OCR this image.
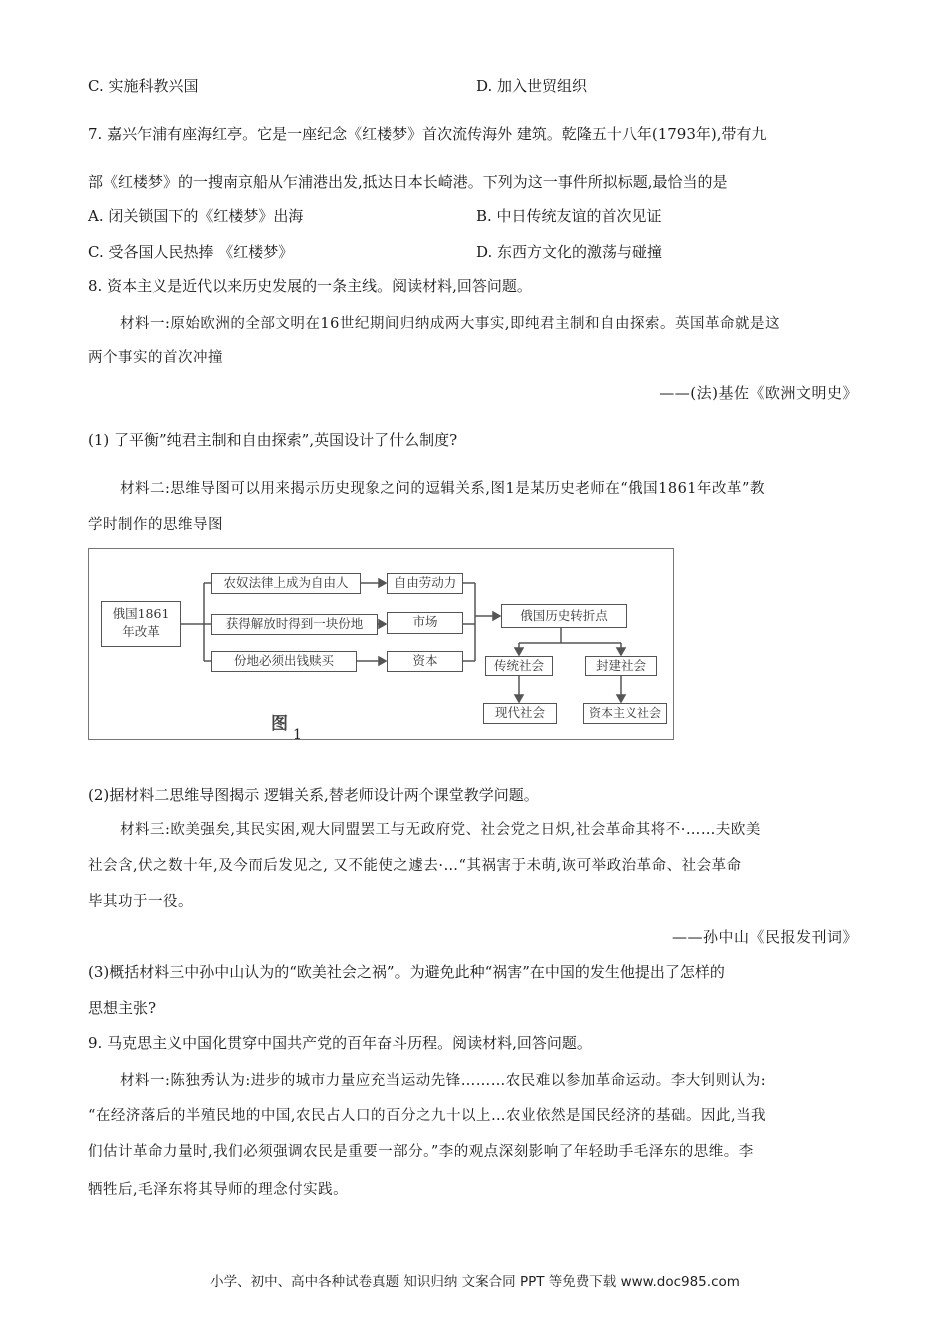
C. 实施科教兴国	D. 加入世贸组织
7. 嘉兴乍浦有座海红亭。它是一座纪念《红楼梦》首次流传海外 建筑。乾隆五十八年(1793年),带有九
部《红楼梦》的一搜南京船从乍浦港出发,抵达日本长崎港。下列为这一事件所拟标题,最恰当的是
A. 闭关锁国下的《红楼梦》出海	B. 中日传统友谊的首次见证
C. 受各国人民热捧 《红楼梦》	D. 东西方文化的激荡与碰撞
8. 资本主义是近代以来历史发展的一条主线。阅读材料,回答问题。
材料一:原始欧洲的全部文明在16世纪期间归纳成两大事实,即纯君主制和自由探索。英国革命就是这
两个事实的首次冲撞
——(法)基佐《欧洲文明史》
(1) 了平衡”纯君主制和自由探索”,英国设计了什么制度?
材料二:思维导图可以用来揭示历史现象之问的逗辑关系,图1是某历史老师在“俄国1861年改革”教
学时制作的思维导图
俄国1861
年改革
农奴法律上成为自由人
获得解放时得到一块份地
份地必须出钱赎买
自由劳动力
市场
资本
俄国历史转折点
传统社会	封建社会
现代社会	资本主义社会
图
1
(2)据材料二思维导图揭示 逻辑关系,替老师设计两个课堂教学问题。
材料三:欧美强矣,其民实困,观大同盟罢工与无政府党、社会党之日炽,社会革命其将不·……夫欧美
社会含,伏之数十年,及今而后发见之, 又不能使之遽去·…“其祸害于未萌,诙可举政治革命、社会革命
毕其功于一役。
——孙中山《民报发刊词》
(3)概括材料三中孙中山认为的“欧美社会之祸”。为避免此种“祸害”在中国的发生他提出了怎样的
思想主张?
9. 马克思主义中国化贯穿中国共产党的百年奋斗历程。阅读材料,回答问题。
材料一:陈独秀认为:进步的城市力量应充当运动先锋………农民难以参加革命运动。李大钊则认为:
“在经济落后的半殖民地的中国,农民占人口的百分之九十以上…农业依然是国民经济的基础。因此,当我
们估计革命力量时,我们必须强调农民是重要一部分。”李的观点深刻影响了年轻助手毛泽东的思维。李
牺牲后,毛泽东将其导师的理念付实践。
小学、初中、高中各种试卷真题 知识归纳 文案合同 PPT 等免费下载 www.doc985.com
